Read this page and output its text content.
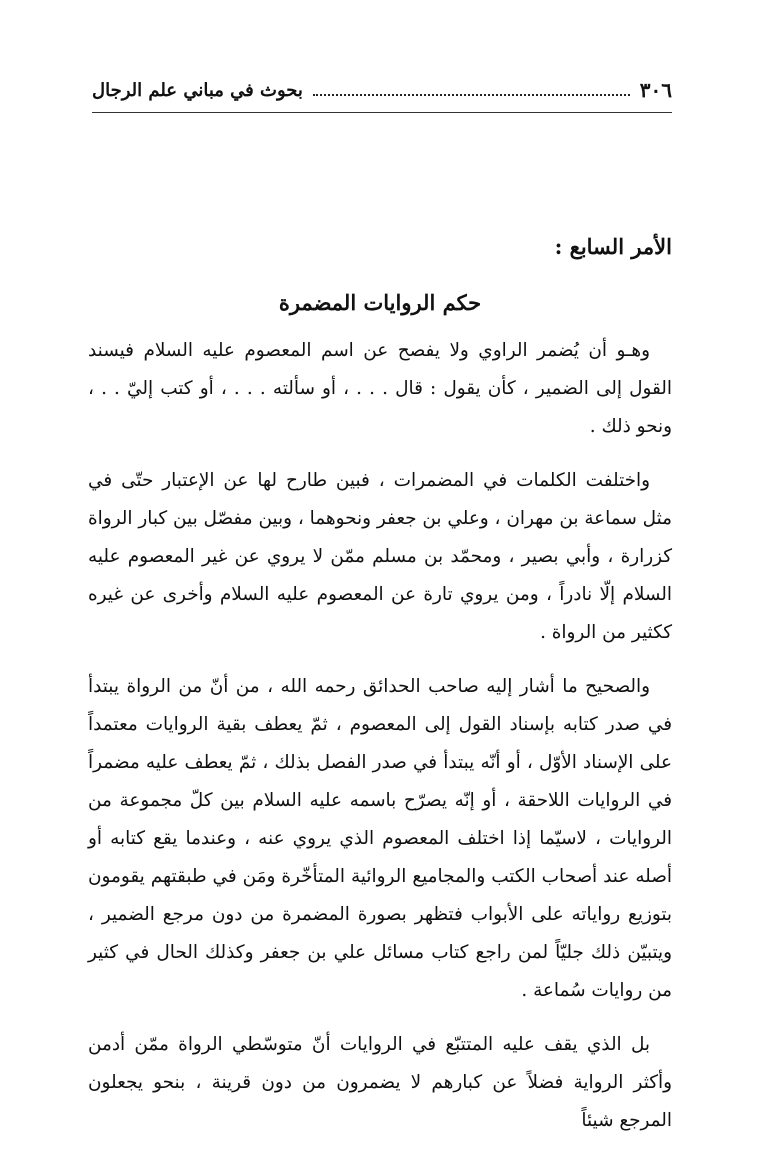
٣٠٦
بحوث في مباني علم الرجال
الأمر السابع :
حكم الروايات المضمرة

وهـو أن يُضمر الراوي ولا يفصح عن اسم المعصوم عليه السلام فيسند القول إلى الضمير ، كأن يقول : قال . . . ، أو سألته . . . ، أو كتب إليّ . . ، ونحو ذلك .

واختلفت الكلمات في المضمرات ، فبين طارح لها عن الإعتبار حتّى في مثل سماعة بن مهران ، وعلي بن جعفر ونحوهما ، وبين مفصّل بين كبار الرواة كزرارة ، وأبي بصير ، ومحمّد بن مسلم ممّن لا يروي عن غير المعصوم عليه السلام إلّا نادراً ، ومن يروي تارة عن المعصوم عليه السلام وأخرى عن غيره ككثير من الرواة .

والصحيح ما أشار إليه صاحب الحدائق رحمه الله ، من أنّ من الرواة يبتدأ في صدر كتابه بإسناد القول إلى المعصوم ، ثمّ يعطف بقية الروايات معتمداً على الإسناد الأوّل ، أو أنّه يبتدأ في صدر الفصل بذلك ، ثمّ يعطف عليه مضمراً في الروايات اللاحقة ، أو إنّه يصرّح باسمه عليه السلام بين كلّ مجموعة من الروايات ، لاسيّما إذا اختلف المعصوم الذي يروي عنه ، وعندما يقع كتابه أو أصله عند أصحاب الكتب والمجاميع الروائية المتأخّرة ومَن في طبقتهم يقومون بتوزيع رواياته على الأبواب فتظهر بصورة المضمرة من دون مرجع الضمير ، ويتبيّن ذلك جليّاً لمن راجع كتاب مسائل علي بن جعفر وكذلك الحال في كثير من روايات سُماعة .

بل الذي يقف عليه المتتبّع في الروايات أنّ متوسّطي الرواة ممّن أدمن وأكثر الرواية فضلاً عن كبارهم لا يضمرون من دون قرينة ، بنحو يجعلون المرجع شيئاً
